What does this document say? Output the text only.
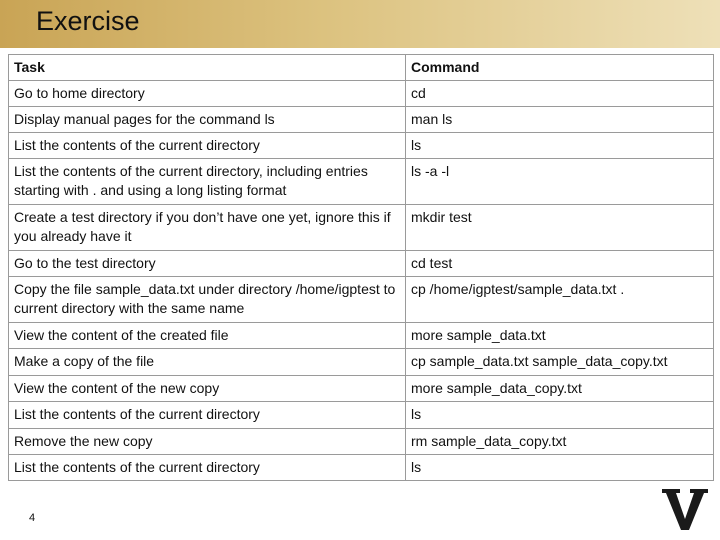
Exercise
Task	Command
Go to home directory	cd
Display manual pages for the command ls	man ls
List the contents of the current directory	ls
List the contents of the current directory, including entries starting with . and using a long listing format	ls -a -l
Create a test directory if you don’t have one yet, ignore this if you already have it	mkdir test
Go to the test directory	cd test
Copy the file sample_data.txt under directory /home/igptest to current directory with the same name	cp /home/igptest/sample_data.txt .
View the content of the created file	more sample_data.txt
Make a copy of the file	cp sample_data.txt sample_data_copy.txt
View the content of the new copy	more sample_data_copy.txt
List the contents of the current directory	ls
Remove the new copy	rm sample_data_copy.txt
List the contents of the current directory	ls
4
